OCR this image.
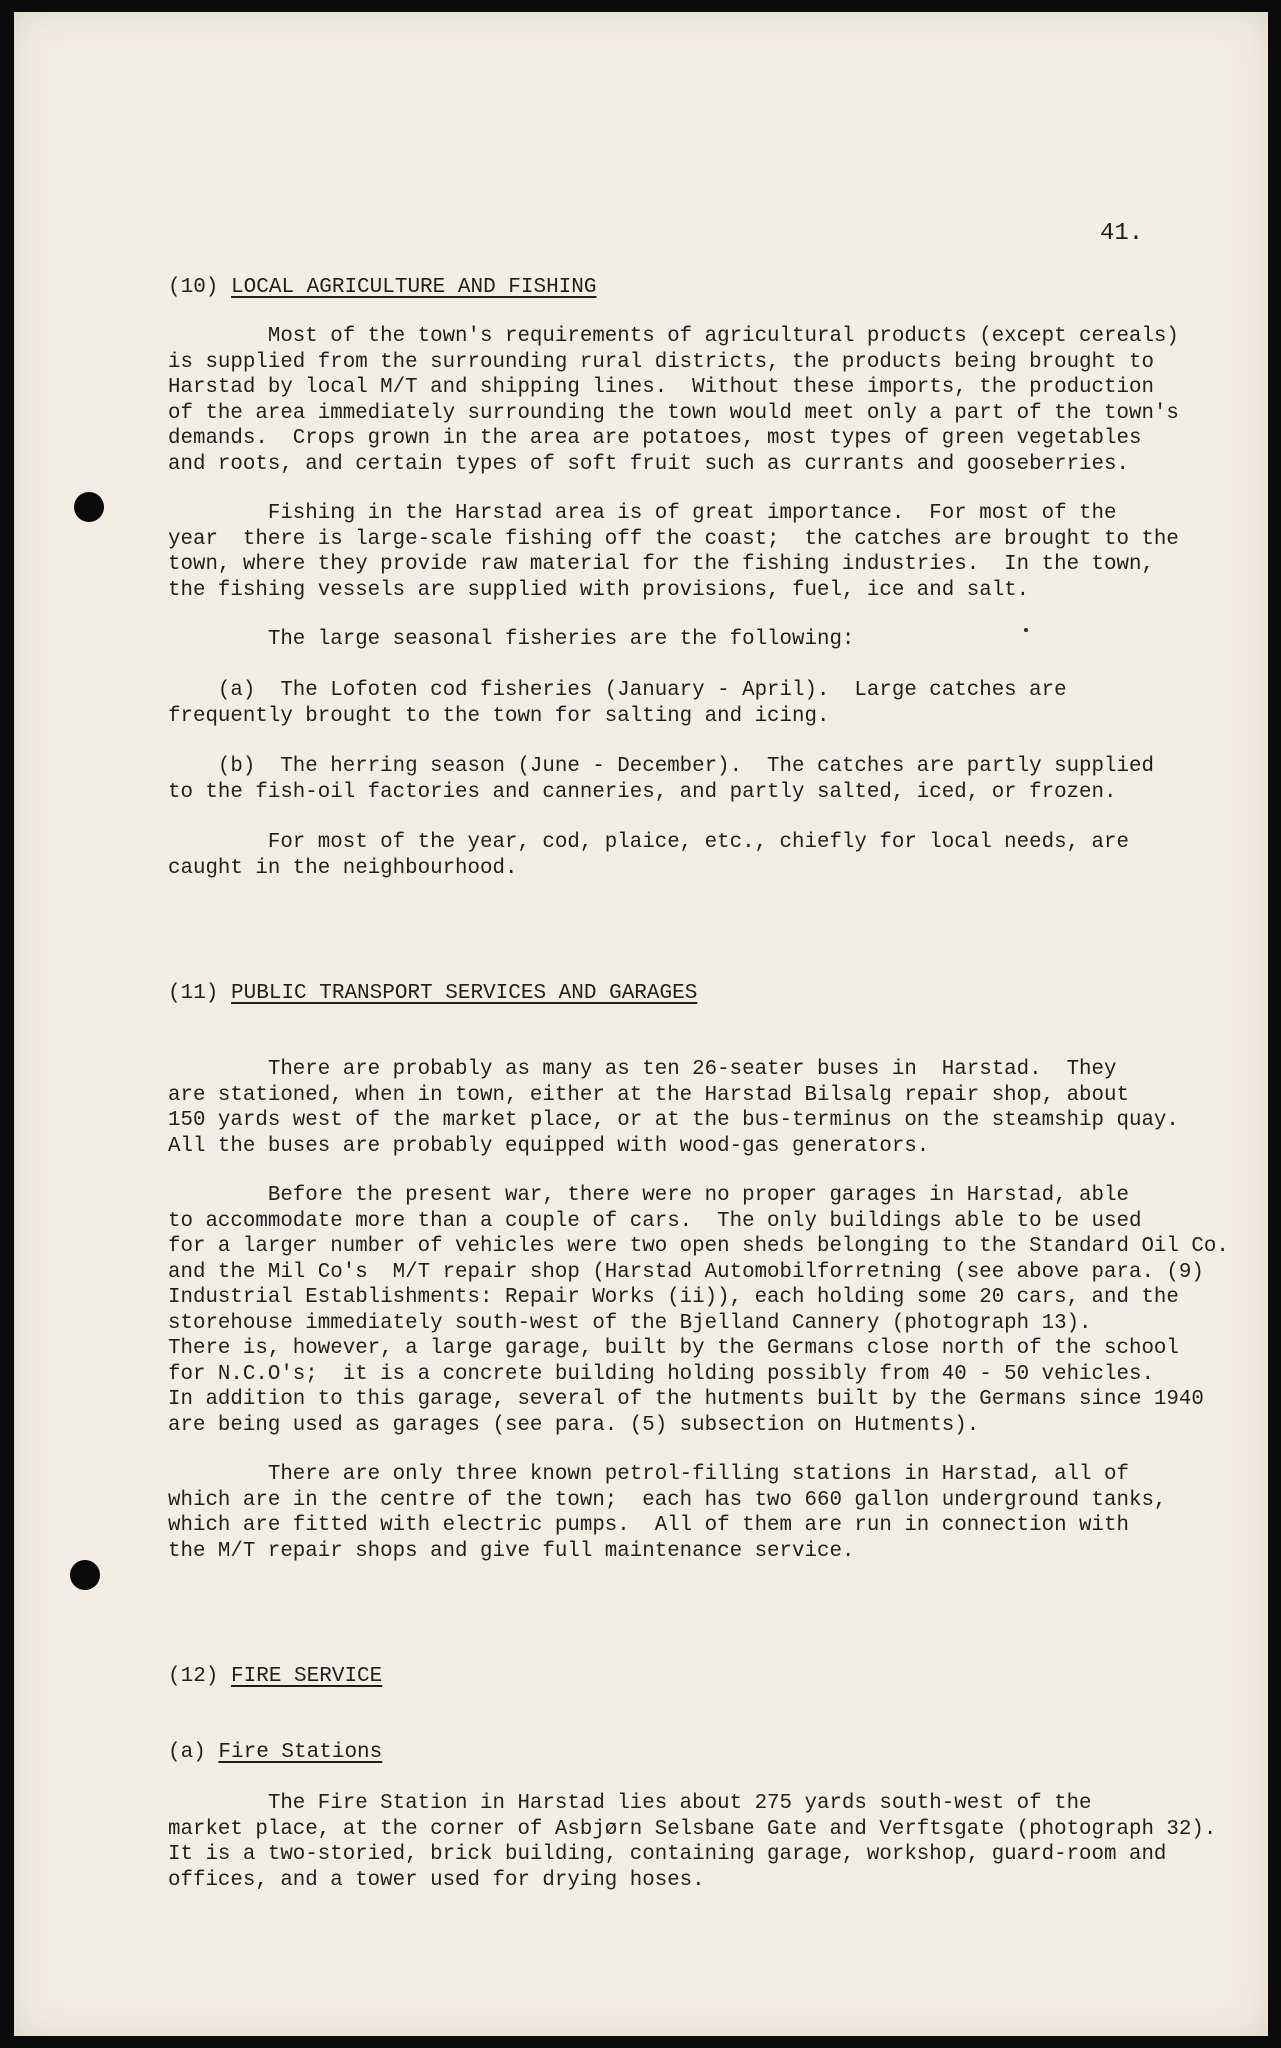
41.
(10) LOCAL AGRICULTURE AND FISHING
Most of the town's requirements of agricultural products (except cereals)
is supplied from the surrounding rural districts, the products being brought to
Harstad by local M/T and shipping lines.  Without these imports, the production
of the area immediately surrounding the town would meet only a part of the town's
demands.  Crops grown in the area are potatoes, most types of green vegetables
and roots, and certain types of soft fruit such as currants and gooseberries.
Fishing in the Harstad area is of great importance.  For most of the
year  there is large-scale fishing off the coast;  the catches are brought to the
town, where they provide raw material for the fishing industries.  In the town,
the fishing vessels are supplied with provisions, fuel, ice and salt.
The large seasonal fisheries are the following:
(a)  The Lofoten cod fisheries (January - April).  Large catches are
frequently brought to the town for salting and icing.
(b)  The herring season (June - December).  The catches are partly supplied
to the fish-oil factories and canneries, and partly salted, iced, or frozen.
For most of the year, cod, plaice, etc., chiefly for local needs, are
caught in the neighbourhood.
(11) PUBLIC TRANSPORT SERVICES AND GARAGES
There are probably as many as ten 26-seater buses in  Harstad.  They
are stationed, when in town, either at the Harstad Bilsalg repair shop, about
150 yards west of the market place, or at the bus-terminus on the steamship quay.
All the buses are probably equipped with wood-gas generators.
Before the present war, there were no proper garages in Harstad, able
to accommodate more than a couple of cars.  The only buildings able to be used
for a larger number of vehicles were two open sheds belonging to the Standard Oil Co.
and the Mil Co's  M/T repair shop (Harstad Automobilforretning (see above para. (9)
Industrial Establishments: Repair Works (ii)), each holding some 20 cars, and the
storehouse immediately south-west of the Bjelland Cannery (photograph 13).
There is, however, a large garage, built by the Germans close north of the school
for N.C.O's;  it is a concrete building holding possibly from 40 - 50 vehicles.
In addition to this garage, several of the hutments built by the Germans since 1940
are being used as garages (see para. (5) subsection on Hutments).
There are only three known petrol-filling stations in Harstad, all of
which are in the centre of the town;  each has two 660 gallon underground tanks,
which are fitted with electric pumps.  All of them are run in connection with
the M/T repair shops and give full maintenance service.
(12) FIRE SERVICE
(a) Fire Stations
The Fire Station in Harstad lies about 275 yards south-west of the
market place, at the corner of Asbjørn Selsbane Gate and Verftsgate (photograph 32).
It is a two-storied, brick building, containing garage, workshop, guard-room and
offices, and a tower used for drying hoses.
